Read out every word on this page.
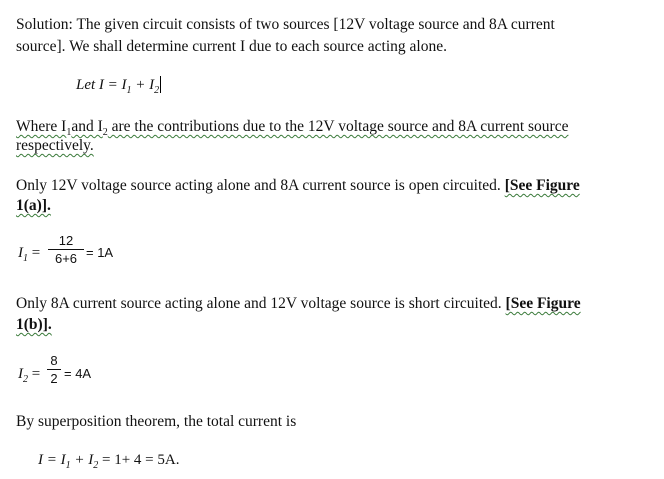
Solution: The given circuit consists of two sources [12V voltage source and 8A current
source]. We shall determine current I due to each source acting alone.
Let $I = I_1 + I_2$
Where $I_1and$ $I_2$ are the contributions due to the 12V voltage source and 8A current source
respectively.
Only 12V voltage source acting alone and 8A current source is open circuited. [See Figure
1(a)].
$I_1$ =
12
6+6 = 1A
Only 8A current source acting alone and 12V voltage source is short circuited. [See Figure
1(b)].
$I_2$ =
8
2 = 4A
By superposition theorem, the total current is
$I = I_1 + I_2 = 1+ 4 = 5A$.
